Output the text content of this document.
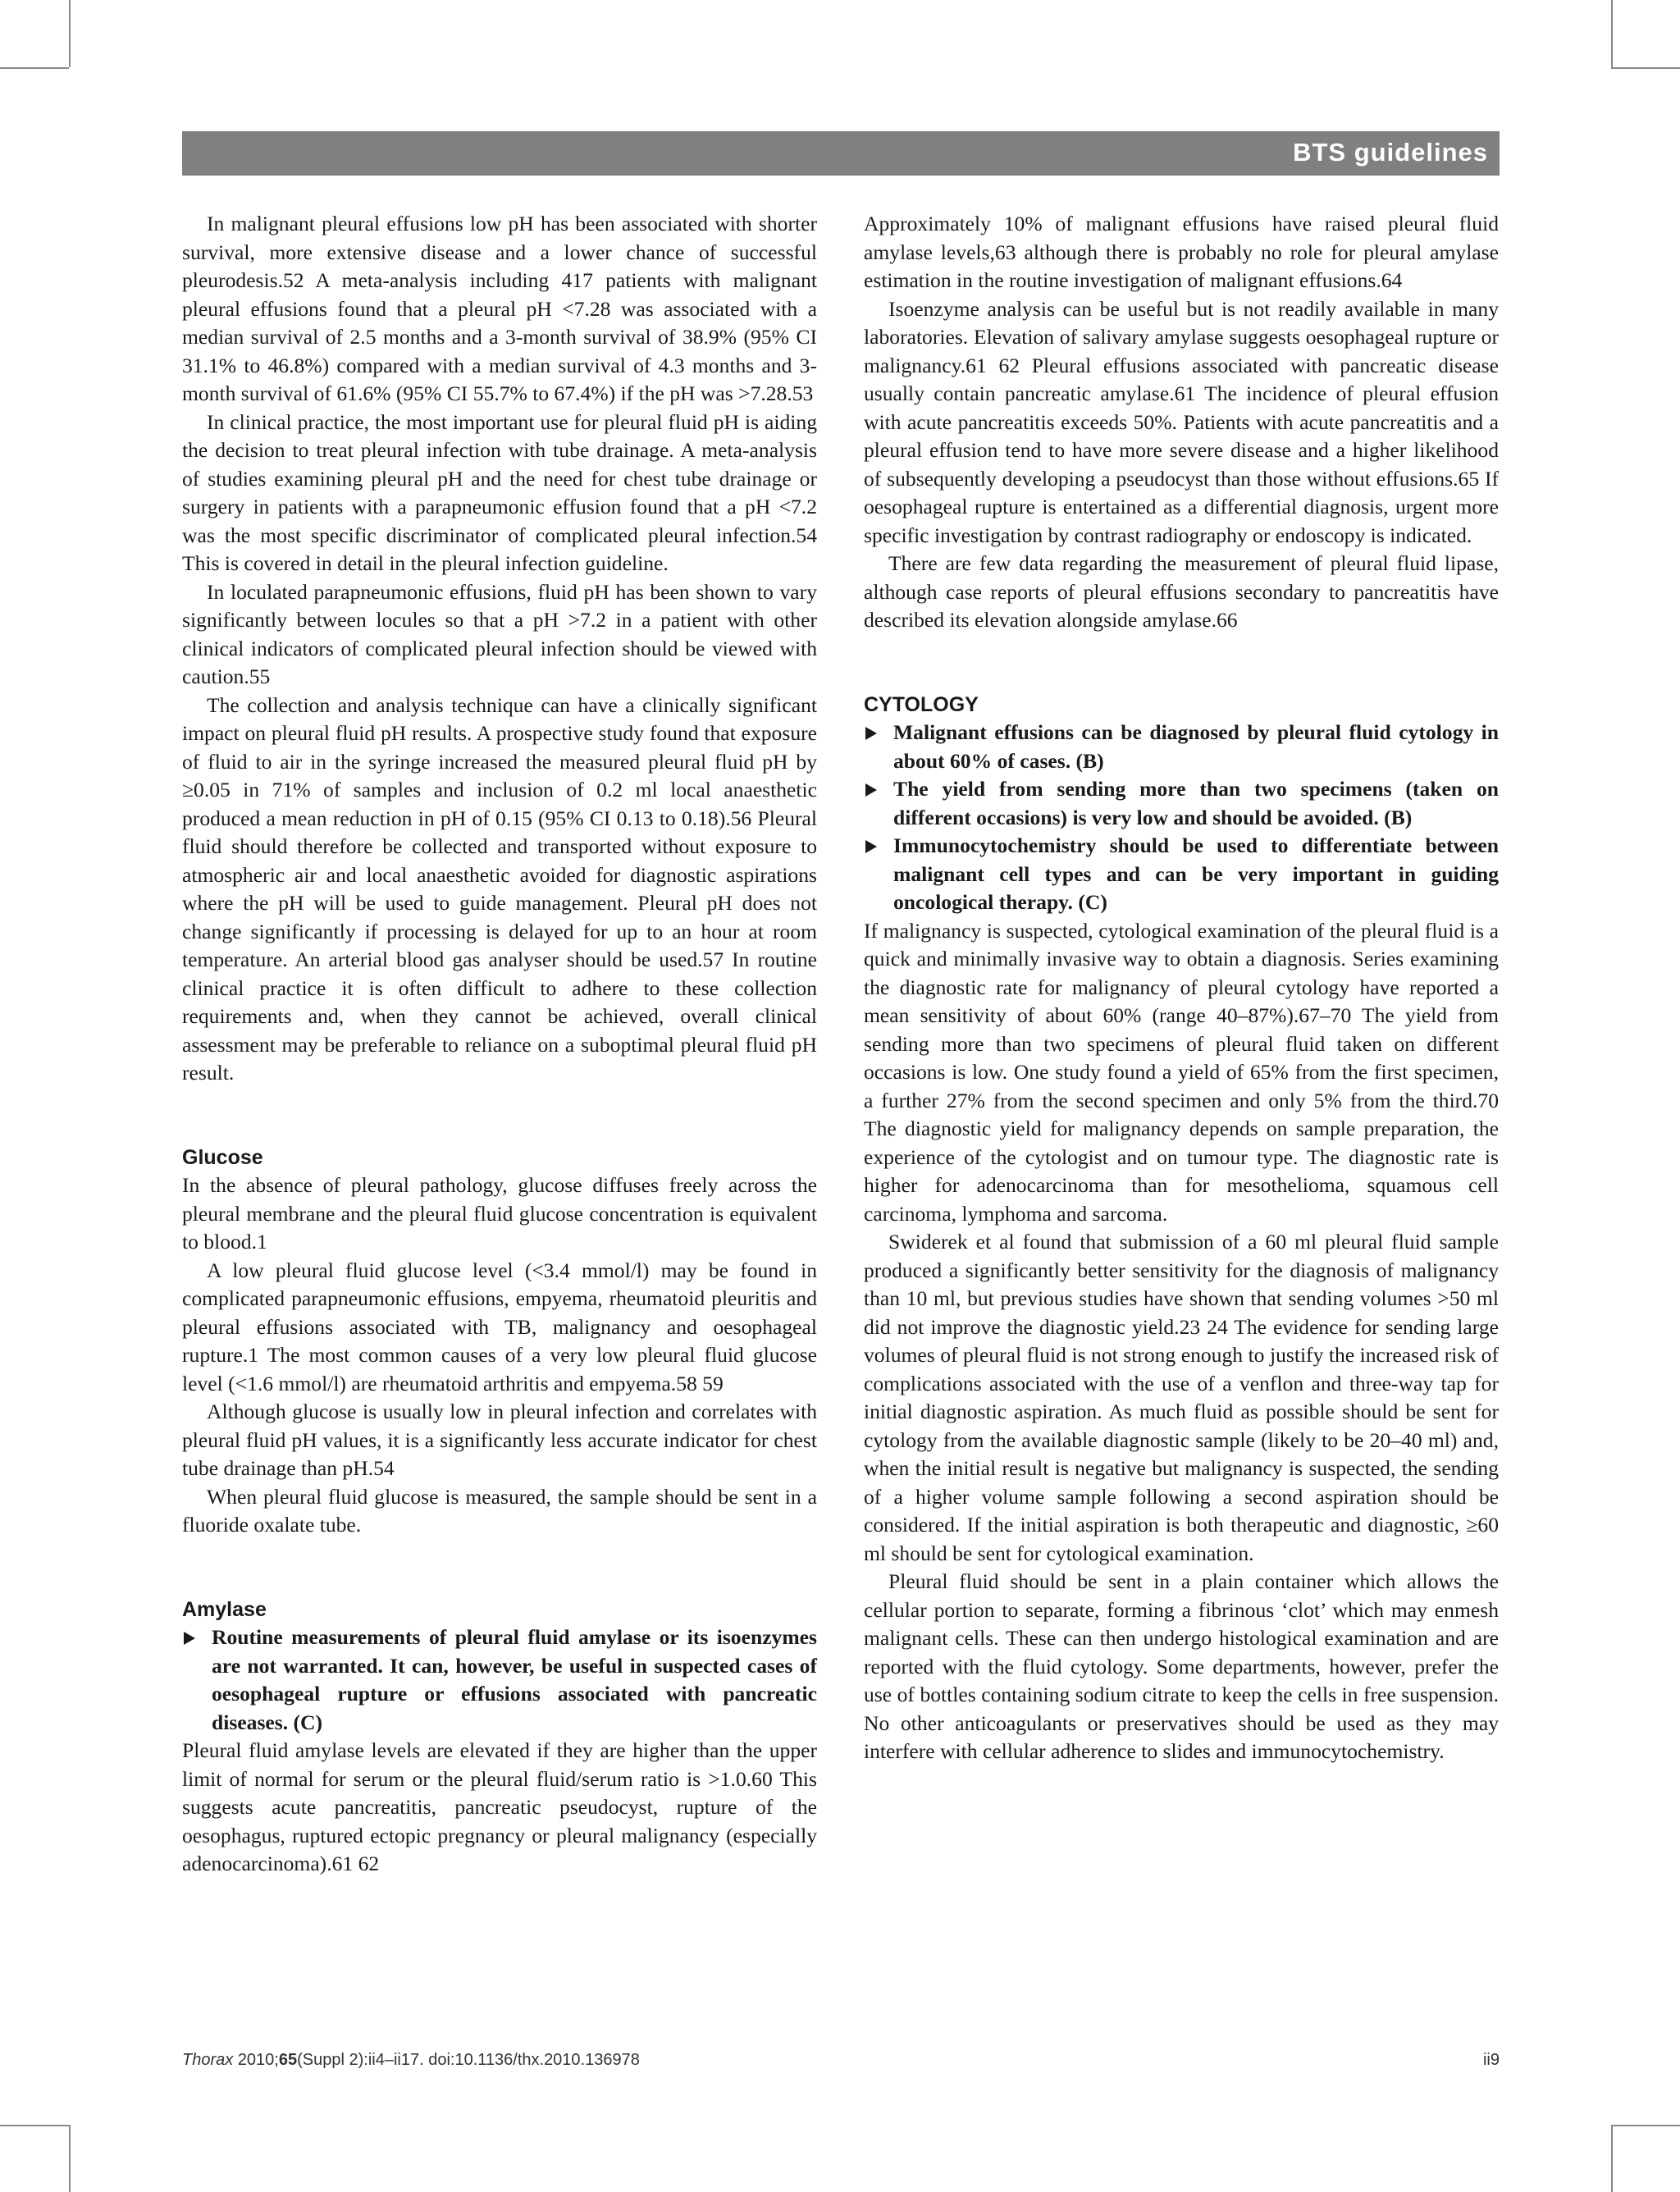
BTS guidelines

In malignant pleural effusions low pH has been associated with shorter survival, more extensive disease and a lower chance of successful pleurodesis.52 A meta-analysis including 417 patients with malignant pleural effusions found that a pleural pH <7.28 was associated with a median survival of 2.5 months and a 3-month survival of 38.9% (95% CI 31.1% to 46.8%) compared with a median survival of 4.3 months and 3-month survival of 61.6% (95% CI 55.7% to 67.4%) if the pH was >7.28.53

In clinical practice, the most important use for pleural fluid pH is aiding the decision to treat pleural infection with tube drainage. A meta-analysis of studies examining pleural pH and the need for chest tube drainage or surgery in patients with a parapneumonic effusion found that a pH <7.2 was the most specific discriminator of complicated pleural infection.54 This is covered in detail in the pleural infection guideline.

In loculated parapneumonic effusions, fluid pH has been shown to vary significantly between locules so that a pH >7.2 in a patient with other clinical indicators of complicated pleural infection should be viewed with caution.55

The collection and analysis technique can have a clinically significant impact on pleural fluid pH results. A prospective study found that exposure of fluid to air in the syringe increased the measured pleural fluid pH by ≥0.05 in 71% of samples and inclusion of 0.2 ml local anaesthetic produced a mean reduction in pH of 0.15 (95% CI 0.13 to 0.18).56 Pleural fluid should therefore be collected and transported without exposure to atmospheric air and local anaesthetic avoided for diagnostic aspirations where the pH will be used to guide management. Pleural pH does not change significantly if processing is delayed for up to an hour at room temperature. An arterial blood gas analyser should be used.57 In routine clinical practice it is often difficult to adhere to these collection requirements and, when they cannot be achieved, overall clinical assessment may be preferable to reliance on a suboptimal pleural fluid pH result.

Glucose

In the absence of pleural pathology, glucose diffuses freely across the pleural membrane and the pleural fluid glucose concentration is equivalent to blood.1

A low pleural fluid glucose level (<3.4 mmol/l) may be found in complicated parapneumonic effusions, empyema, rheumatoid pleuritis and pleural effusions associated with TB, malignancy and oesophageal rupture.1 The most common causes of a very low pleural fluid glucose level (<1.6 mmol/l) are rheumatoid arthritis and empyema.58 59

Although glucose is usually low in pleural infection and correlates with pleural fluid pH values, it is a significantly less accurate indicator for chest tube drainage than pH.54

When pleural fluid glucose is measured, the sample should be sent in a fluoride oxalate tube.

Amylase
Routine measurements of pleural fluid amylase or its isoenzymes are not warranted. It can, however, be useful in suspected cases of oesophageal rupture or effusions associated with pancreatic diseases. (C)

Pleural fluid amylase levels are elevated if they are higher than the upper limit of normal for serum or the pleural fluid/serum ratio is >1.0.60 This suggests acute pancreatitis, pancreatic pseudocyst, rupture of the oesophagus, ruptured ectopic pregnancy or pleural malignancy (especially adenocarcinoma).61 62

Approximately 10% of malignant effusions have raised pleural fluid amylase levels,63 although there is probably no role for pleural amylase estimation in the routine investigation of malignant effusions.64

Isoenzyme analysis can be useful but is not readily available in many laboratories. Elevation of salivary amylase suggests oesophageal rupture or malignancy.61 62 Pleural effusions associated with pancreatic disease usually contain pancreatic amylase.61 The incidence of pleural effusion with acute pancreatitis exceeds 50%. Patients with acute pancreatitis and a pleural effusion tend to have more severe disease and a higher likelihood of subsequently developing a pseudocyst than those without effusions.65 If oesophageal rupture is entertained as a differential diagnosis, urgent more specific investigation by contrast radiography or endoscopy is indicated.

There are few data regarding the measurement of pleural fluid lipase, although case reports of pleural effusions secondary to pancreatitis have described its elevation alongside amylase.66

CYTOLOGY
Malignant effusions can be diagnosed by pleural fluid cytology in about 60% of cases. (B)
The yield from sending more than two specimens (taken on different occasions) is very low and should be avoided. (B)
Immunocytochemistry should be used to differentiate between malignant cell types and can be very important in guiding oncological therapy. (C)

If malignancy is suspected, cytological examination of the pleural fluid is a quick and minimally invasive way to obtain a diagnosis. Series examining the diagnostic rate for malignancy of pleural cytology have reported a mean sensitivity of about 60% (range 40–87%).67–70 The yield from sending more than two specimens of pleural fluid taken on different occasions is low. One study found a yield of 65% from the first specimen, a further 27% from the second specimen and only 5% from the third.70 The diagnostic yield for malignancy depends on sample preparation, the experience of the cytologist and on tumour type. The diagnostic rate is higher for adenocarcinoma than for mesothelioma, squamous cell carcinoma, lymphoma and sarcoma.

Swiderek et al found that submission of a 60 ml pleural fluid sample produced a significantly better sensitivity for the diagnosis of malignancy than 10 ml, but previous studies have shown that sending volumes >50 ml did not improve the diagnostic yield.23 24 The evidence for sending large volumes of pleural fluid is not strong enough to justify the increased risk of complications associated with the use of a venflon and three-way tap for initial diagnostic aspiration. As much fluid as possible should be sent for cytology from the available diagnostic sample (likely to be 20–40 ml) and, when the initial result is negative but malignancy is suspected, the sending of a higher volume sample following a second aspiration should be considered. If the initial aspiration is both therapeutic and diagnostic, ≥60 ml should be sent for cytological examination.

Pleural fluid should be sent in a plain container which allows the cellular portion to separate, forming a fibrinous ‘clot’ which may enmesh malignant cells. These can then undergo histological examination and are reported with the fluid cytology. Some departments, however, prefer the use of bottles containing sodium citrate to keep the cells in free suspension. No other anticoagulants or preservatives should be used as they may interfere with cellular adherence to slides and immunocytochemistry.

Thorax 2010;65(Suppl 2):ii4–ii17. doi:10.1136/thx.2010.136978	ii9
